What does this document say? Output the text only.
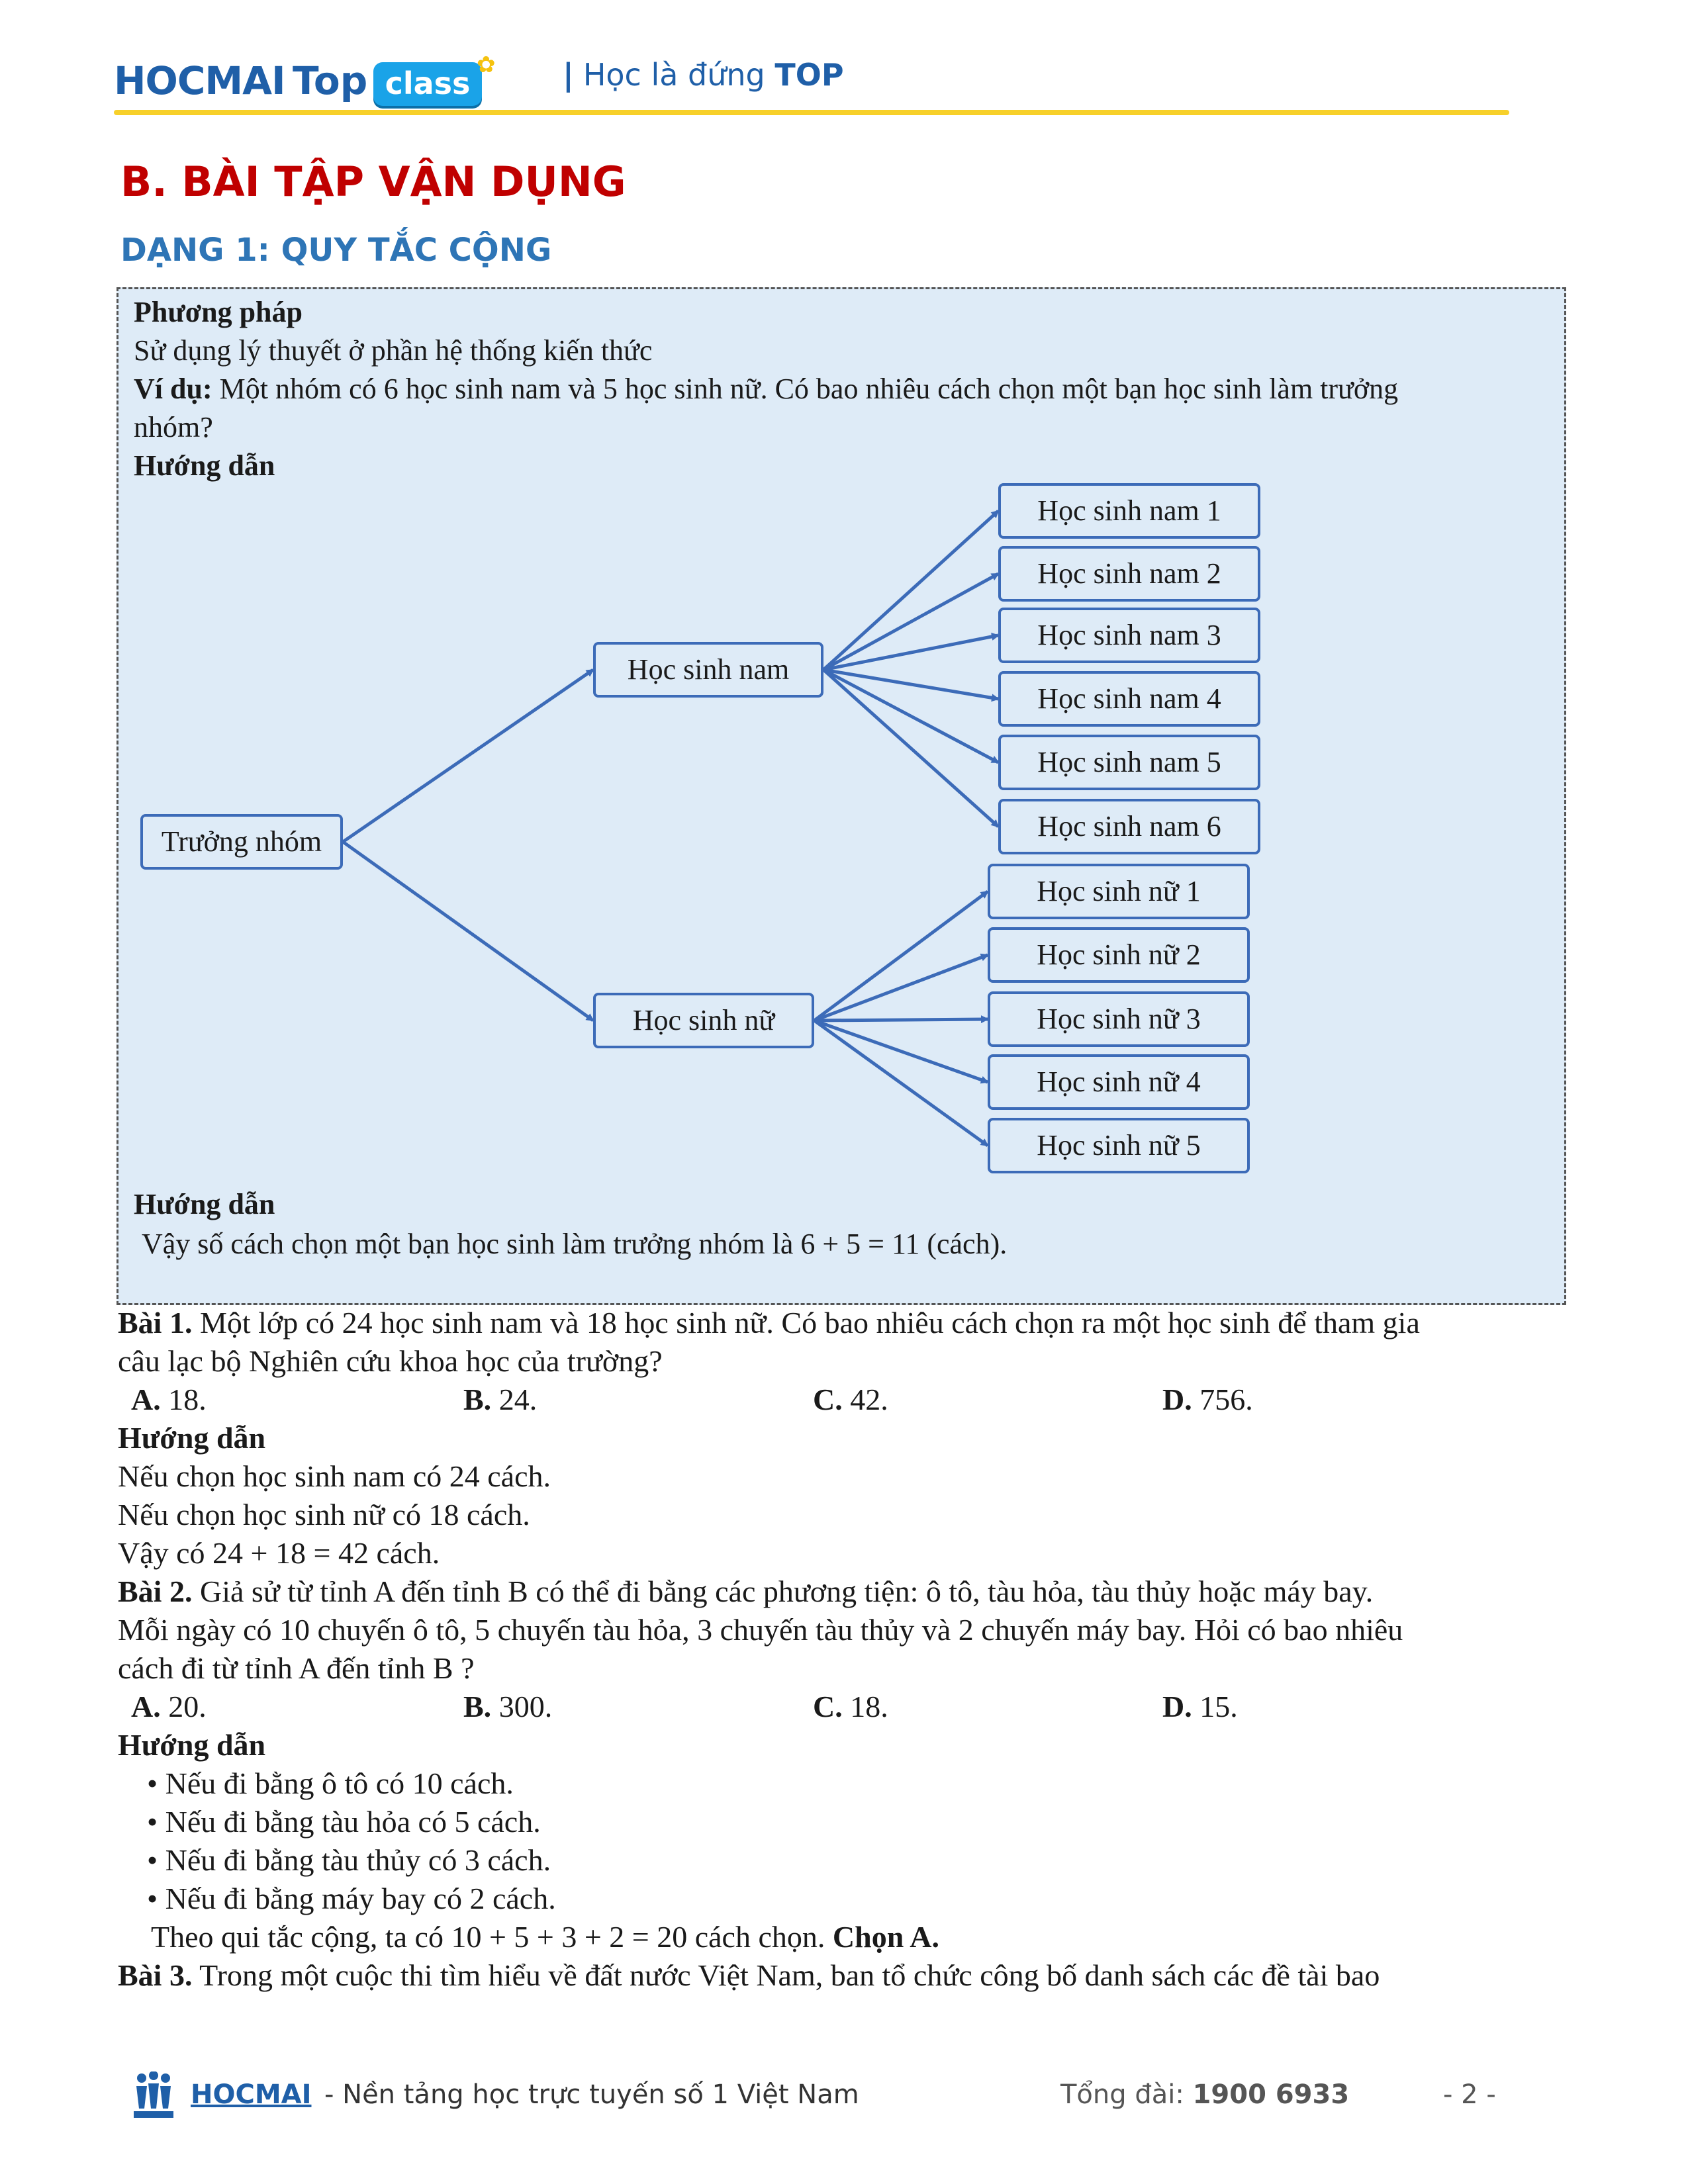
HOCMAI Top class
✿ | Học là đứng TOP
B. BÀI TẬP VẬN DỤNG
DẠNG 1: QUY TẮC CỘNG
Phương pháp
Sử dụng lý thuyết ở phần hệ thống kiến thức
Ví dụ: Một nhóm có 6 học sinh nam và 5 học sinh nữ. Có bao nhiêu cách chọn một bạn học sinh làm trưởng
nhóm?
Hướng dẫn
Trưởng nhóm
Học sinh nam
Học sinh nữ
Học sinh nam 1
Học sinh nam 2
Học sinh nam 3
Học sinh nam 4
Học sinh nam 5
Học sinh nam 6
Học sinh nữ 1
Học sinh nữ 2
Học sinh nữ 3
Học sinh nữ 4
Học sinh nữ 5
Hướng dẫn
Vậy số cách chọn một bạn học sinh làm trưởng nhóm là 6 + 5 = 11 (cách).
Bài 1. Một lớp có 24 học sinh nam và 18 học sinh nữ. Có bao nhiêu cách chọn ra một học sinh để tham gia
câu lạc bộ Nghiên cứu khoa học của trường?
A. 18.	B. 24.	C. 42.	D. 756.
Hướng dẫn
Nếu chọn học sinh nam có 24 cách.
Nếu chọn học sinh nữ có 18 cách.
Vậy có 24 + 18 = 42 cách.
Bài 2. Giả sử từ tỉnh A đến tỉnh B có thể đi bằng các phương tiện: ô tô, tàu hỏa, tàu thủy hoặc máy bay.
Mỗi ngày có 10 chuyến ô tô, 5 chuyến tàu hỏa, 3 chuyến tàu thủy và 2 chuyến máy bay. Hỏi có bao nhiêu
cách đi từ tỉnh A đến tỉnh B ?
A. 20.	B. 300.	C. 18.	D. 15.
Hướng dẫn
• Nếu đi bằng ô tô có 10 cách.
• Nếu đi bằng tàu hỏa có 5 cách.
• Nếu đi bằng tàu thủy có 3 cách.
• Nếu đi bằng máy bay có 2 cách.
Theo qui tắc cộng, ta có 10 + 5 + 3 + 2 = 20 cách chọn. Chọn A.
Bài 3. Trong một cuộc thi tìm hiểu về đất nước Việt Nam, ban tổ chức công bố danh sách các đề tài bao
HOCMAI - Nền tảng học trực tuyến số 1 Việt Nam	Tổng đài: 1900 6933	- 2 -
